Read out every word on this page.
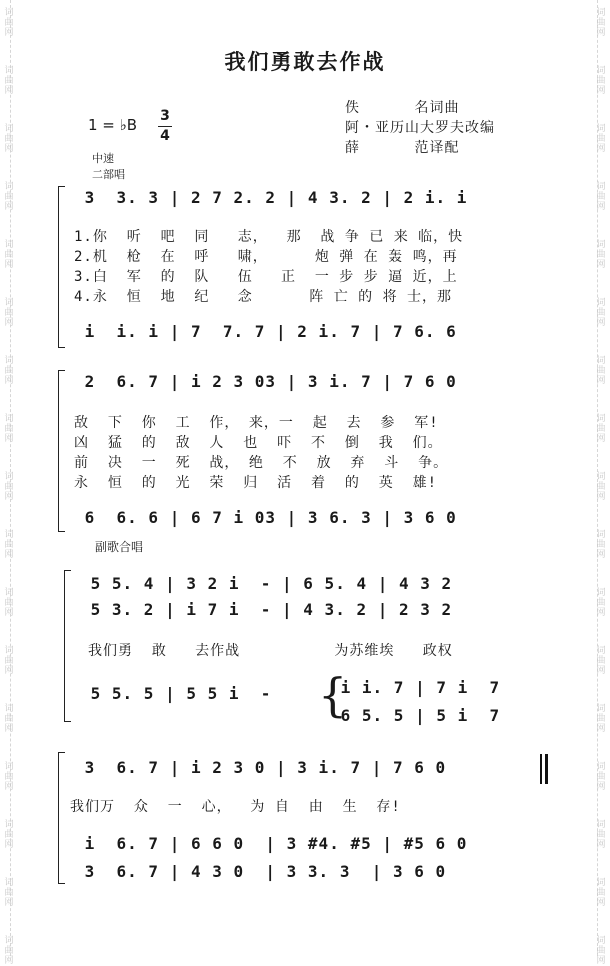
词
曲
网
词
曲
网
词
曲
网
词
曲
网
词
曲
网
词
曲
网
词
曲
网
词
曲
网
词
曲
网
词
曲
网
词
曲
网
词
曲
网
词
曲
网
词
曲
网
词
曲
网
词
曲
网
词
曲
网
词
曲
网
词
曲
网
词
曲
网
词
曲
网
词
曲
网
词
曲
网
词
曲
网
词
曲
网
词
曲
网
词
曲
网
词
曲
网
词
曲
网
词
曲
网
词
曲
网
词
曲
网
词
曲
网
词
曲
网
我们勇敢去作战
1 = ♭B 3
4
佚          名词曲
阿・亚历山大罗夫改编
薛          范译配
中速
二部唱
3  3. 3 | 2 7 2. 2 | 4 3. 2 | 2 i. i
1.你  听  吧  同   志，  那  战 争 已 来 临，快
2.机  枪  在  呼   啸，     炮 弹 在 轰 鸣，再
3.白  军  的  队   伍   正  一 步 步 逼 近，上
4.永  恒  地  纪   念      阵 亡 的 将 士，那
i  i. i | 7  7. 7 | 2 i. 7 | 7 6. 6
2  6. 7 | i 2 3 03 | 3 i. 7 | 7 6 0
敌  下  你  工  作， 来，一  起  去  参  军!
凶  猛  的  敌  人  也  吓  不  倒  我  们。
前  决  一  死  战， 绝  不  放  弃  斗  争。
永  恒  的  光  荣  归  活  着  的  英  雄!
6  6. 6 | 6 7 i 03 | 3 6. 3 | 3 6 0
副歌合唱
5 5. 4 | 3 2 i  - | 6 5. 4 | 4 3 2
5 3. 2 | i 7 i  - | 4 3. 2 | 2 3 2
我们勇  敢   去作战          为苏维埃   政权
5 5. 5 | 5 5 i  - {
i i. 7 | 7 i  7
6 5. 5 | 5 i  7
3  6. 7 | i 2 3 0 | 3 i. 7 | 7 6 0
我们万  众  一  心，  为 自  由  生  存!
i  6. 7 | 6 6 0  | 3 #4. #5 | #5 6 0
3  6. 7 | 4 3 0  | 3 3. 3  | 3 6 0
